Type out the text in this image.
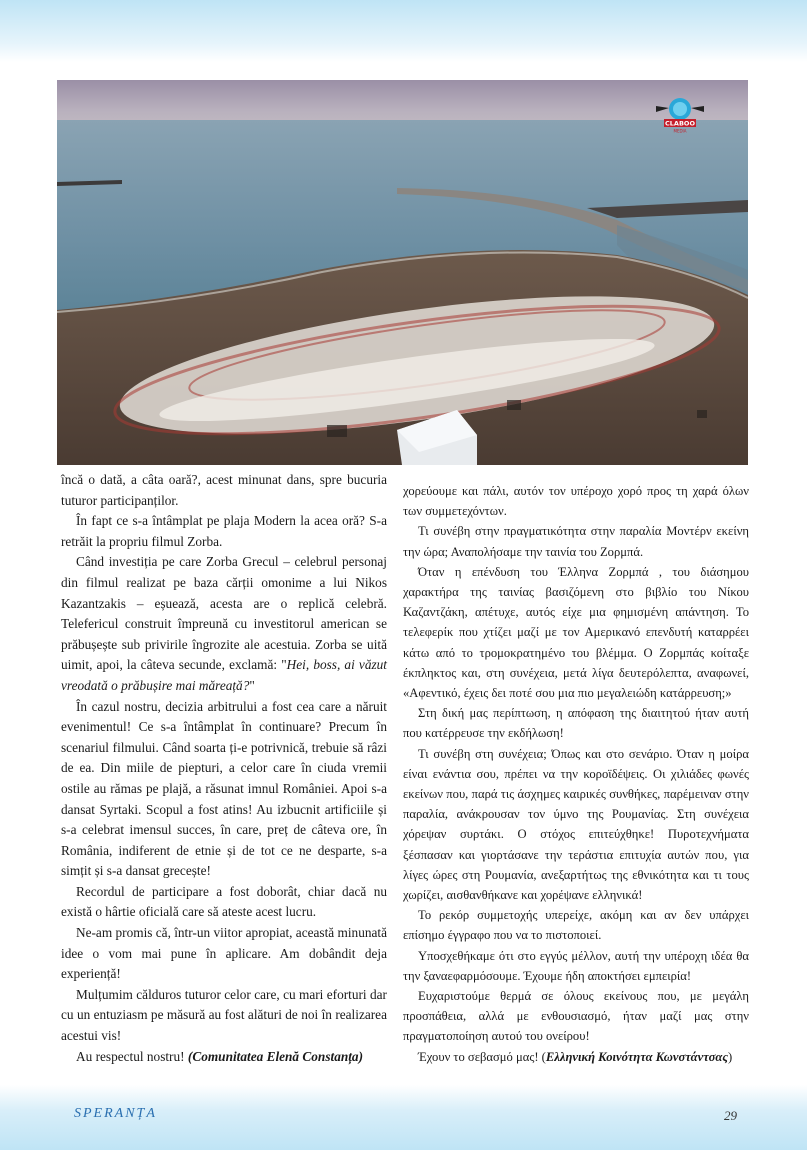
CLABOO
MEDIA

încă o dată, a câta oară?, acest minunat dans, spre bucuria tuturor participanților.

În fapt ce s-a întâmplat pe plaja Modern la acea oră? S-a retrăit la propriu filmul Zorba.

Când investiția pe care Zorba Grecul – celebrul personaj din filmul realizat pe baza cărții omonime a lui Nikos Kazantzakis – eșuează, acesta are o replică celebră. Telefericul construit împreună cu investitorul american se prăbușește sub privirile îngrozite ale acestuia. Zorba se uită uimit, apoi, la câteva secunde, exclamă: "Hei, boss, ai văzut vreodată o prăbușire mai măreață?"

În cazul nostru, decizia arbitrului a fost cea care a năruit evenimentul! Ce s-a întâmplat în continuare? Precum în scenariul filmului. Când soarta ți-e potrivnică, trebuie să râzi de ea. Din miile de piepturi, a celor care în ciuda vremii ostile au rămas pe plajă, a răsunat imnul României. Apoi s-a dansat Syrtaki. Scopul a fost atins! Au izbucnit artificiile și s-a celebrat imensul succes, în care, preț de câteva ore, în România, indiferent de etnie și de tot ce ne desparte, s-a simțit și s-a dansat grecește!

Recordul de participare a fost doborât, chiar dacă nu există o hârtie oficială care să ateste acest lucru.

Ne-am promis că, într-un viitor apropiat, această minunată idee o vom mai pune în aplicare. Am dobândit deja experiență!

Mulțumim călduros tuturor celor care, cu mari eforturi dar cu un entuziasm pe măsură au fost alături de noi în realizarea acestui vis!

Au respectul nostru! (Comunitatea Elenă Constanța)

χορεύουμε και πάλι, αυτόν τον υπέροχο χορό προς τη χαρά όλων των συμμετεχόντων.

Τι συνέβη στην πραγματικότητα στην παραλία Μοντέρν εκείνη την ώρα; Αναπολήσαμε την ταινία του Ζορμπά.

Όταν η επένδυση του Έλληνα Ζορμπά , του διάσημου χαρακτήρα της ταινίας βασιζόμενη στο βιβλίο του Νίκου Καζαντζάκη, απέτυχε, αυτός είχε μια φημισμένη απάντηση. Το τελεφερίκ που χτίζει μαζί με τον Αμερικανό επενδυτή καταρρέει κάτω από το τρομοκρατημένο του βλέμμα. Ο Ζορμπάς κοίταξε έκπληκτος και, στη συνέχεια, μετά λίγα δευτερόλεπτα, αναφωνεί, «Αφεντικό, έχεις δει ποτέ σου μια πιο μεγαλειώδη κατάρρευση;»

Στη δική μας περίπτωση, η απόφαση της διαιτητού ήταν αυτή που κατέρρευσε την εκδήλωση!

Τι συνέβη στη συνέχεια; Όπως και στο σενάριο. Όταν η μοίρα είναι ενάντια σου, πρέπει να την κοροϊδέψεις. Οι χιλιάδες φωνές εκείνων που, παρά τις άσχημες καιρικές συνθήκες, παρέμειναν στην παραλία, ανάκρουσαν τον ύμνο της Ρουμανίας. Στη συνέχεια χόρεψαν συρτάκι. Ο στόχος επιτεύχθηκε! Πυροτεχνήματα ξέσπασαν και γιορτάσανε την τεράστια επιτυχία αυτών που, για λίγες ώρες στη Ρουμανία, ανεξαρτήτως της εθνικότητα και τι τους χωρίζει, αισθανθήκανε και χορέψανε ελληνικά!

Το ρεκόρ συμμετοχής υπερείχε, ακόμη και αν δεν υπάρχει επίσημο έγγραφο που να το πιστοποιεί.

Υποσχεθήκαμε ότι στο εγγύς μέλλον, αυτή την υπέροχη ιδέα θα την ξαναεφαρμόσουμε. Έχουμε ήδη αποκτήσει εμπειρία!

Ευχαριστούμε θερμά σε όλους εκείνους που, με μεγάλη προσπάθεια, αλλά με ενθουσιασμό, ήταν μαζί μας στην πραγματοποίηση αυτού του ονείρου!

Έχουν το σεβασμό μας! (Ελληνική Κοινότητα Κωνστάντσας)

SPERANȚA	29
